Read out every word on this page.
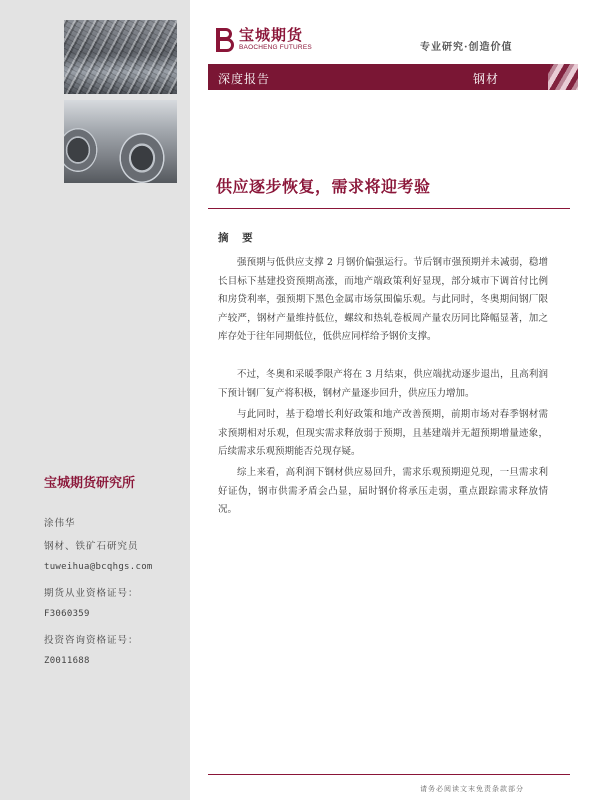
宝城期货
BAOCHENG FUTURES	专业研究·创造价值
深度报告	钢材
供应逐步恢复，需求将迎考验
摘 要

强预期与低供应支撑 2 月钢价偏强运行。节后钢市强预期并未减弱，稳增长目标下基建投资预期高涨，而地产端政策利好显现，部分城市下调首付比例和房贷利率，强预期下黑色金属市场氛围偏乐观。与此同时，冬奥期间钢厂限产较严，钢材产量维持低位，螺纹和热轧卷板周产量农历同比降幅显著，加之库存处于往年同期低位，低供应同样给予钢价支撑。

不过，冬奥和采暖季限产将在 3 月结束，供应端扰动逐步退出，且高利润下预计钢厂复产将积极，钢材产量逐步回升，供应压力增加。

与此同时，基于稳增长利好政策和地产改善预期，前期市场对春季钢材需求预期相对乐观，但现实需求释放弱于预期，且基建端并无超预期增量迹象，后续需求乐观预期能否兑现存疑。

综上来看，高利润下钢材供应易回升，需求乐观预期迎兑现，一旦需求利好证伪，钢市供需矛盾会凸显，届时钢价将承压走弱，重点跟踪需求释放情况。

宝城期货研究所
涂伟华
钢材、铁矿石研究员
tuweihua@bcqhgs.com
期货从业资格证号：
F3060359
投资咨询资格证号：
Z0011688
请务必阅读文末免责条款部分
